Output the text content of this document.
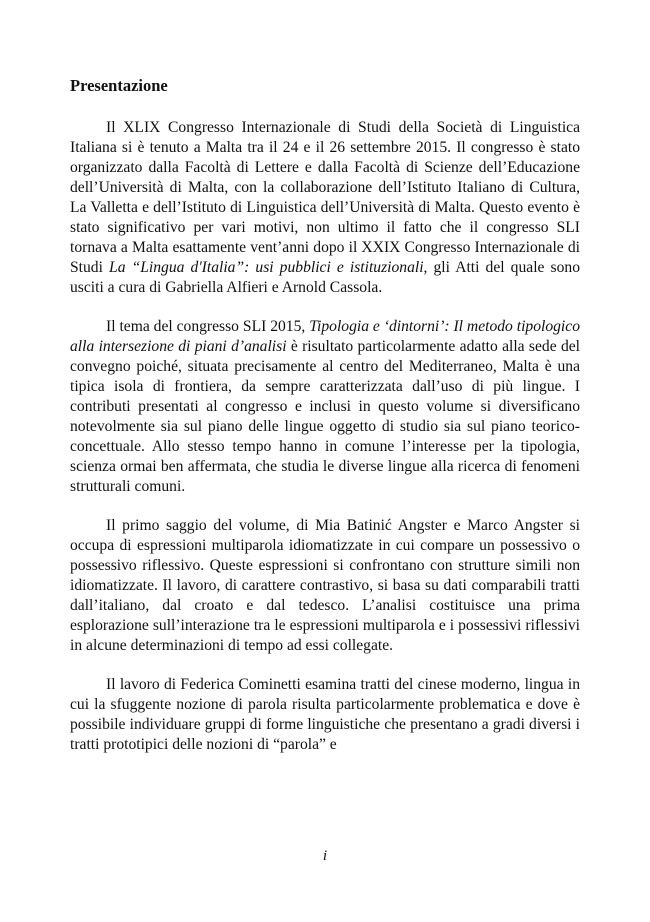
Presentazione

Il XLIX Congresso Internazionale di Studi della Società di Linguistica Italiana si è tenuto a Malta tra il 24 e il 26 settembre 2015. Il congresso è stato organizzato dalla Facoltà di Lettere e dalla Facoltà di Scienze dell’Educazione dell’Università di Malta, con la collaborazione dell’Istituto Italiano di Cultura, La Valletta e dell’Istituto di Linguistica dell’Università di Malta. Questo evento è stato significativo per vari motivi, non ultimo il fatto che il congresso SLI tornava a Malta esattamente vent’anni dopo il XXIX Congresso Internazionale di Studi La “Lingua d'Italia”: usi pubblici e istituzionali, gli Atti del quale sono usciti a cura di Gabriella Alfieri e Arnold Cassola.

Il tema del congresso SLI 2015, Tipologia e ‘dintorni’: Il metodo tipologico alla intersezione di piani d’analisi è risultato particolarmente adatto alla sede del convegno poiché, situata precisamente al centro del Mediterraneo, Malta è una tipica isola di frontiera, da sempre caratterizzata dall’uso di più lingue. I contributi presentati al congresso e inclusi in questo volume si diversificano notevolmente sia sul piano delle lingue oggetto di studio sia sul piano teorico-concettuale. Allo stesso tempo hanno in comune l’interesse per la tipologia, scienza ormai ben affermata, che studia le diverse lingue alla ricerca di fenomeni strutturali comuni.

Il primo saggio del volume, di Mia Batinić Angster e Marco Angster si occupa di espressioni multiparola idiomatizzate in cui compare un possessivo o possessivo riflessivo. Queste espressioni si confrontano con strutture simili non idiomatizzate. Il lavoro, di carattere contrastivo, si basa su dati comparabili tratti dall’italiano, dal croato e dal tedesco. L’analisi costituisce una prima esplorazione sull’interazione tra le espressioni multiparola e i possessivi riflessivi in alcune determinazioni di tempo ad essi collegate.

Il lavoro di Federica Cominetti esamina tratti del cinese moderno, lingua in cui la sfuggente nozione di parola risulta particolarmente problematica e dove è possibile individuare gruppi di forme linguistiche che presentano a gradi diversi i tratti prototipici delle nozioni di “parola” e

i
